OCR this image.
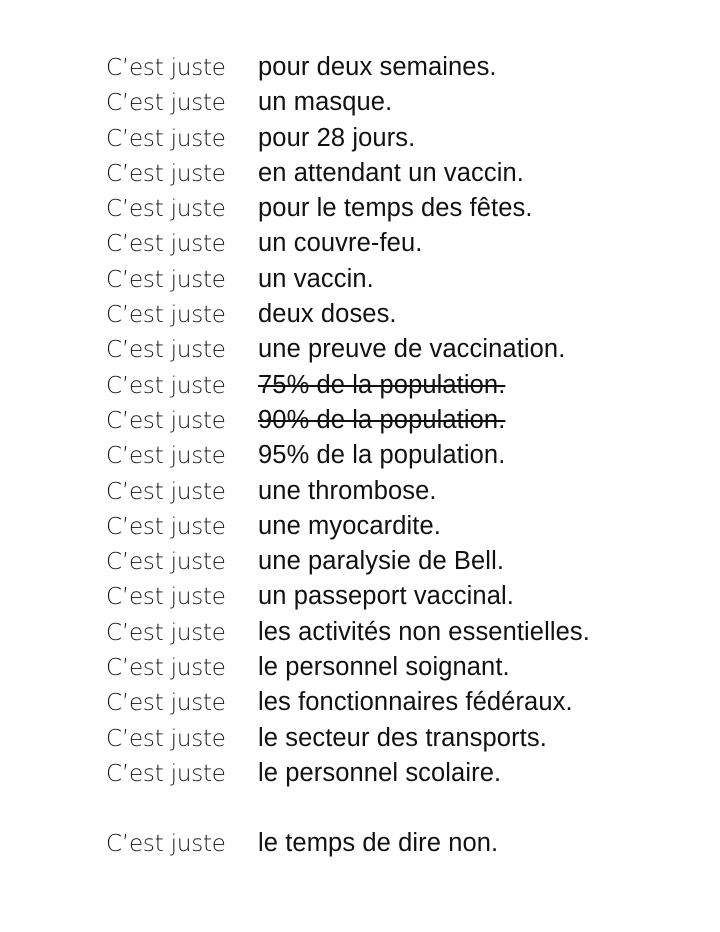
C’est juste	pour deux semaines.
C’est juste	un masque.
C’est juste	pour 28 jours.
C’est juste	en attendant un vaccin.
C’est juste	pour le temps des fêtes.
C’est juste	un couvre-feu.
C’est juste	un vaccin.
C’est juste	deux doses.
C’est juste	une preuve de vaccination.
C’est juste	75% de la population.
C’est juste	90% de la population.
C’est juste	95% de la population.
C’est juste	une thrombose.
C’est juste	une myocardite.
C’est juste	une paralysie de Bell.
C’est juste	un passeport vaccinal.
C’est juste	les activités non essentielles.
C’est juste	le personnel soignant.
C’est juste	les fonctionnaires fédéraux.
C’est juste	le secteur des transports.
C’est juste	le personnel scolaire.
C’est juste	le temps de dire non.
